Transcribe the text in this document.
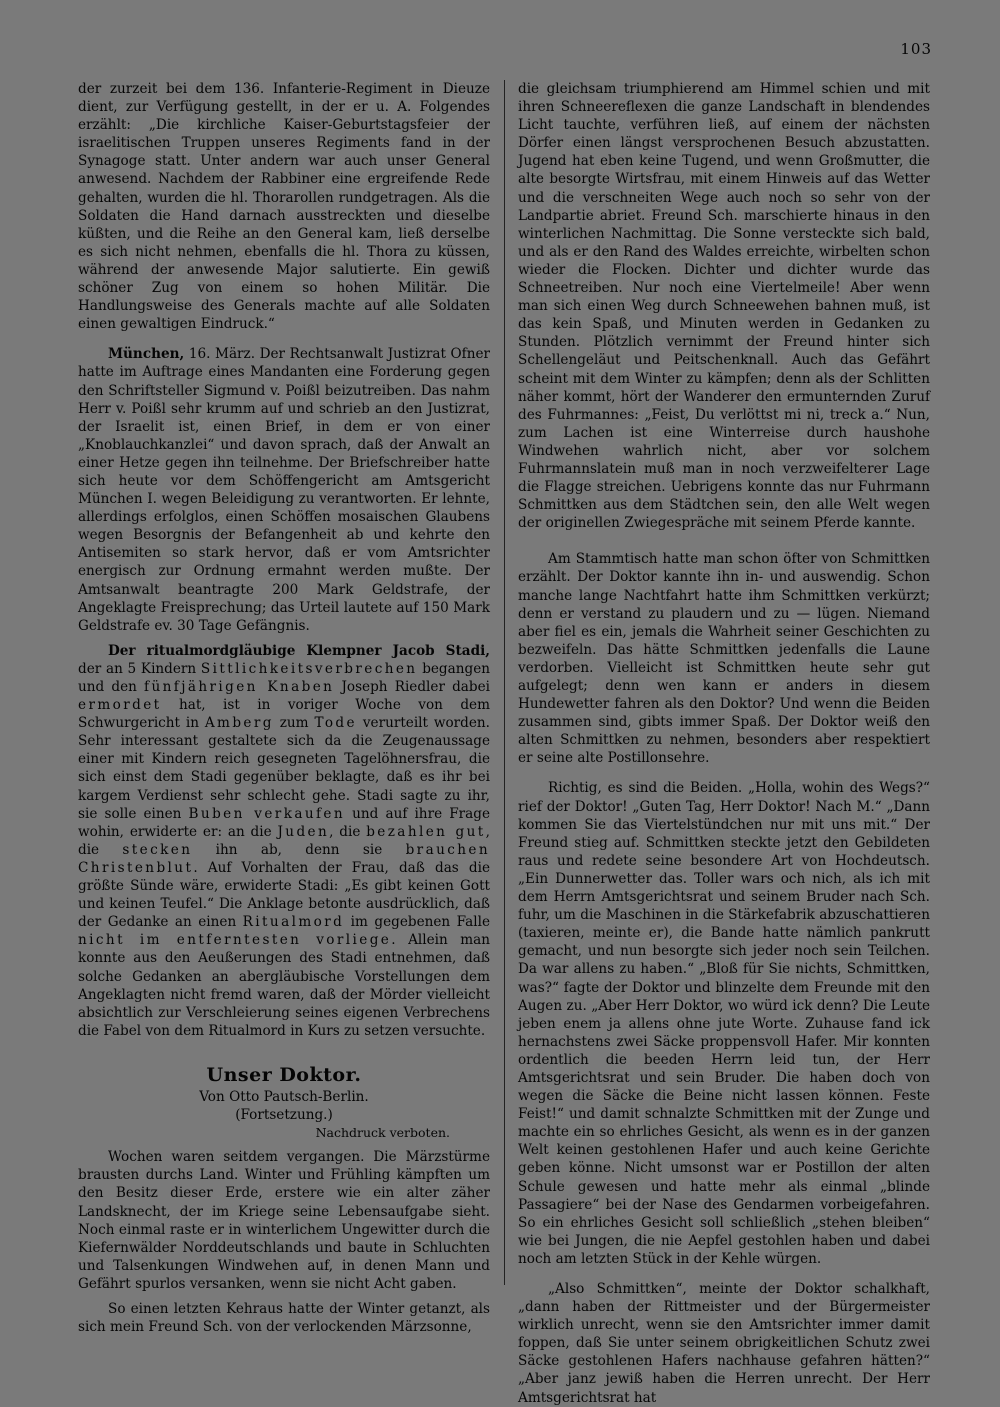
103

der zurzeit bei dem 136. Infanterie-Regiment in Dieuze dient, zur Verfügung gestellt, in der er u. A. Folgendes erzählt: „Die kirchliche Kaiser-Geburtstagsfeier der israelitischen Truppen unseres Regiments fand in der Synagoge statt. Unter andern war auch unser General anwesend. Nachdem der Rabbiner eine ergreifende Rede gehalten, wurden die hl. Thorarollen rundgetragen. Als die Soldaten die Hand darnach ausstreckten und dieselbe küßten, und die Reihe an den General kam, ließ derselbe es sich nicht nehmen, ebenfalls die hl. Thora zu küssen, während der anwesende Major salutierte. Ein gewiß schöner Zug von einem so hohen Militär. Die Handlungsweise des Generals machte auf alle Soldaten einen gewaltigen Eindruck.“

München, 16. März. Der Rechtsanwalt Justizrat Ofner hatte im Auftrage eines Mandanten eine Forderung gegen den Schriftsteller Sigmund v. Poißl beizutreiben. Das nahm Herr v. Poißl sehr krumm auf und schrieb an den Justizrat, der Israelit ist, einen Brief, in dem er von einer „Knoblauchkanzlei“ und davon sprach, daß der Anwalt an einer Hetze gegen ihn teilnehme. Der Briefschreiber hatte sich heute vor dem Schöffengericht am Amtsgericht München I. wegen Beleidigung zu verantworten. Er lehnte, allerdings erfolglos, einen Schöffen mosaischen Glaubens wegen Besorgnis der Befangenheit ab und kehrte den Antisemiten so stark hervor, daß er vom Amtsrichter energisch zur Ordnung ermahnt werden mußte. Der Amtsanwalt beantragte 200 Mark Geldstrafe, der Angeklagte Freisprechung; das Urteil lautete auf 150 Mark Geldstrafe ev. 30 Tage Gefängnis.

Der ritualmordgläubige Klempner Jacob Stadi, der an 5 Kindern Sittlichkeitsverbrechen begangen und den fünfjährigen Knaben Joseph Riedler dabei ermordet hat, ist in voriger Woche von dem Schwurgericht in Amberg zum Tode verurteilt worden. Sehr interessant gestaltete sich da die Zeugenaussage einer mit Kindern reich gesegneten Tagelöhnersfrau, die sich einst dem Stadi gegenüber beklagte, daß es ihr bei kargem Verdienst sehr schlecht gehe. Stadi sagte zu ihr, sie solle einen Buben verkaufen und auf ihre Frage wohin, erwiderte er: an die Juden, die bezahlen gut, die stecken ihn ab, denn sie brauchen Christenblut. Auf Vorhalten der Frau, daß das die größte Sünde wäre, erwiderte Stadi: „Es gibt keinen Gott und keinen Teufel.“ Die Anklage betonte ausdrücklich, daß der Gedanke an einen Ritualmord im gegebenen Falle nicht im entferntesten vorliege. Allein man konnte aus den Aeußerungen des Stadi entnehmen, daß solche Gedanken an abergläubische Vorstellungen dem Angeklagten nicht fremd waren, daß der Mörder vielleicht absichtlich zur Verschleierung seines eigenen Verbrechens die Fabel von dem Ritualmord in Kurs zu setzen versuchte.

Unser Doktor.
Von Otto Pautsch-Berlin.
(Fortsetzung.)
Nachdruck verboten.

Wochen waren seitdem vergangen. Die Märzstürme brausten durchs Land. Winter und Frühling kämpften um den Besitz dieser Erde, erstere wie ein alter zäher Landsknecht, der im Kriege seine Lebensaufgabe sieht. Noch einmal raste er in winterlichem Ungewitter durch die Kiefernwälder Norddeutschlands und baute in Schluchten und Talsenkungen Windwehen auf, in denen Mann und Gefährt spurlos versanken, wenn sie nicht Acht gaben.

So einen letzten Kehraus hatte der Winter getanzt, als sich mein Freund Sch. von der verlockenden Märzsonne,

die gleichsam triumphierend am Himmel schien und mit ihren Schneereflexen die ganze Landschaft in blendendes Licht tauchte, verführen ließ, auf einem der nächsten Dörfer einen längst versprochenen Besuch abzustatten. Jugend hat eben keine Tugend, und wenn Großmutter, die alte besorgte Wirtsfrau, mit einem Hinweis auf das Wetter und die verschneiten Wege auch noch so sehr von der Landpartie abriet. Freund Sch. marschierte hinaus in den winterlichen Nachmittag. Die Sonne versteckte sich bald, und als er den Rand des Waldes erreichte, wirbelten schon wieder die Flocken. Dichter und dichter wurde das Schneetreiben. Nur noch eine Viertelmeile! Aber wenn man sich einen Weg durch Schneewehen bahnen muß, ist das kein Spaß, und Minuten werden in Gedanken zu Stunden. Plötzlich vernimmt der Freund hinter sich Schellengeläut und Peitschenknall. Auch das Gefährt scheint mit dem Winter zu kämpfen; denn als der Schlitten näher kommt, hört der Wanderer den ermunternden Zuruf des Fuhrmannes: „Feist, Du verlöttst mi ni, treck a.“ Nun, zum Lachen ist eine Winterreise durch haushohe Windwehen wahrlich nicht, aber vor solchem Fuhrmannslatein muß man in noch verzweifelterer Lage die Flagge streichen. Uebrigens konnte das nur Fuhrmann Schmittken aus dem Städtchen sein, den alle Welt wegen der originellen Zwiegespräche mit seinem Pferde kannte.

Am Stammtisch hatte man schon öfter von Schmittken erzählt. Der Doktor kannte ihn in- und auswendig. Schon manche lange Nachtfahrt hatte ihm Schmittken verkürzt; denn er verstand zu plaudern und zu — lügen. Niemand aber fiel es ein, jemals die Wahrheit seiner Geschichten zu bezweifeln. Das hätte Schmittken jedenfalls die Laune verdorben. Vielleicht ist Schmittken heute sehr gut aufgelegt; denn wen kann er anders in diesem Hundewetter fahren als den Doktor? Und wenn die Beiden zusammen sind, gibts immer Spaß. Der Doktor weiß den alten Schmittken zu nehmen, besonders aber respektiert er seine alte Postillonsehre.

Richtig, es sind die Beiden. „Holla, wohin des Wegs?“ rief der Doktor! „Guten Tag, Herr Doktor! Nach M.“ „Dann kommen Sie das Viertelstündchen nur mit uns mit.“ Der Freund stieg auf. Schmittken steckte jetzt den Gebildeten raus und redete seine besondere Art von Hochdeutsch. „Ein Dunnerwetter das. Toller wars och nich, als ich mit dem Herrn Amtsgerichtsrat und seinem Bruder nach Sch. fuhr, um die Maschinen in die Stärkefabrik abzuschattieren (taxieren, meinte er), die Bande hatte nämlich pankrutt gemacht, und nun besorgte sich jeder noch sein Teilchen. Da war allens zu haben.“ „Bloß für Sie nichts, Schmittken, was?“ fagte der Doktor und blinzelte dem Freunde mit den Augen zu. „Aber Herr Doktor, wo würd ick denn? Die Leute jeben enem ja allens ohne jute Worte. Zuhause fand ick hernachstens zwei Säcke proppensvoll Hafer. Mir konnten ordentlich die beeden Herrn leid tun, der Herr Amtsgerichtsrat und sein Bruder. Die haben doch von wegen die Säcke die Beine nicht lassen können. Feste Feist!“ und damit schnalzte Schmittken mit der Zunge und machte ein so ehrliches Gesicht, als wenn es in der ganzen Welt keinen gestohlenen Hafer und auch keine Gerichte geben könne. Nicht umsonst war er Postillon der alten Schule gewesen und hatte mehr als einmal „blinde Passagiere“ bei der Nase des Gendarmen vorbeigefahren. So ein ehrliches Gesicht soll schließlich „stehen bleiben“ wie bei Jungen, die nie Aepfel gestohlen haben und dabei noch am letzten Stück in der Kehle würgen.

„Also Schmittken“, meinte der Doktor schalkhaft, „dann haben der Rittmeister und der Bürgermeister wirklich unrecht, wenn sie den Amtsrichter immer damit foppen, daß Sie unter seinem obrigkeitlichen Schutz zwei Säcke gestohlenen Hafers nachhause gefahren hätten?“ „Aber janz jewiß haben die Herren unrecht. Der Herr Amtsgerichtsrat hat
